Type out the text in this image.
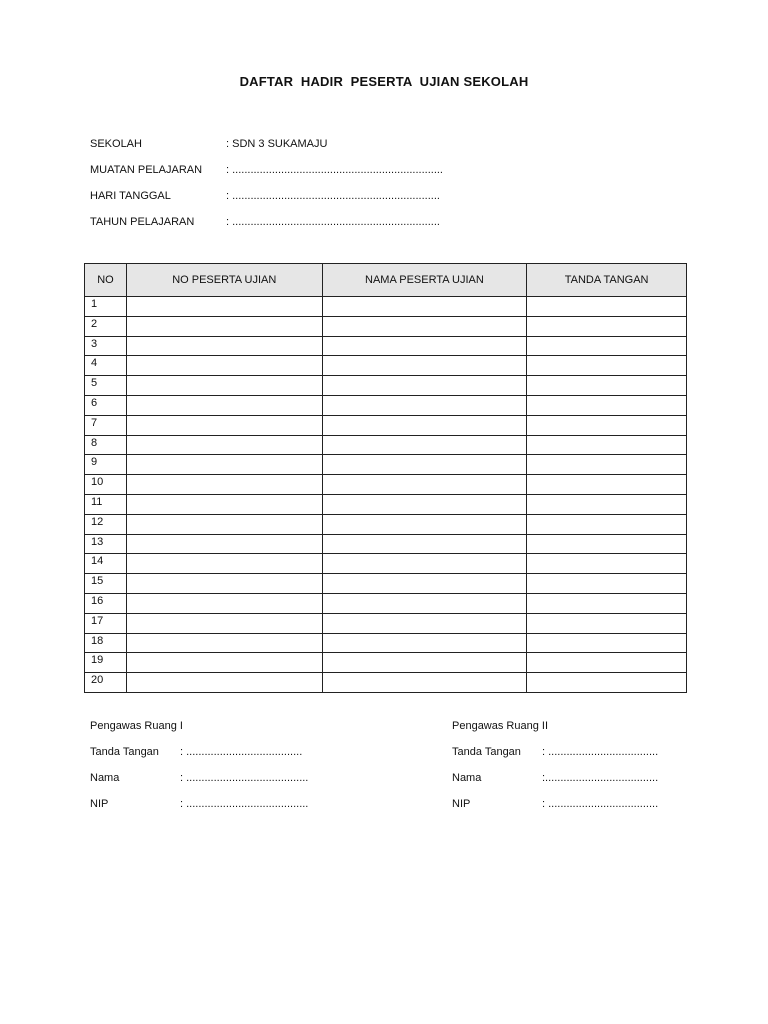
DAFTAR  HADIR  PESERTA  UJIAN SEKOLAH
SEKOLAH	: SDN 3 SUKAMAJU
MUATAN PELAJARAN	: .....................................................................
HARI TANGGAL	: ....................................................................
TAHUN PELAJARAN	: ....................................................................
NO	NO PESERTA UJIAN	NAMA PESERTA UJIAN	TANDA TANGAN
1			
2			
3			
4			
5			
6			
7			
8			
9			
10			
11			
12			
13			
14			
15			
16			
17			
18			
19			
20			
Pengawas Ruang I
Tanda Tangan	: ......................................
Nama	: ........................................
NIP	: ........................................
Pengawas Ruang II
Tanda Tangan	: ....................................
Nama	:.....................................
NIP	: ....................................
